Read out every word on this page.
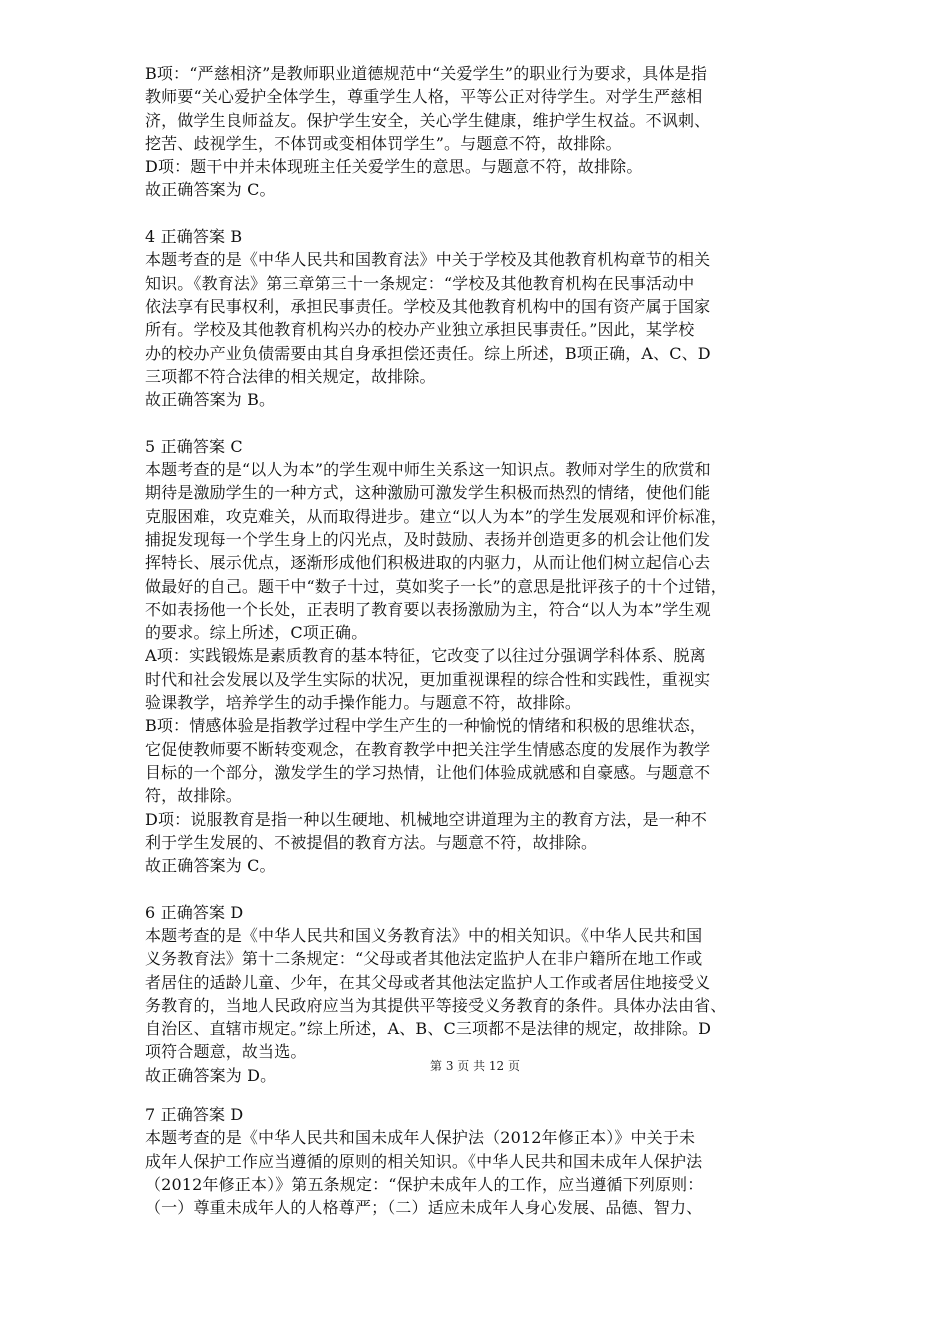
B项：“严慈相济”是教师职业道德规范中“关爱学生”的职业行为要求，具体是指
教师要“关心爱护全体学生，尊重学生人格，平等公正对待学生。对学生严慈相
济，做学生良师益友。保护学生安全，关心学生健康，维护学生权益。不讽刺、
挖苦、歧视学生，不体罚或变相体罚学生”。与题意不符，故排除。
D项：题干中并未体现班主任关爱学生的意思。与题意不符，故排除。
故正确答案为 C。
4 正确答案 B
本题考查的是《中华人民共和国教育法》中关于学校及其他教育机构章节的相关
知识。《教育法》第三章第三十一条规定：“学校及其他教育机构在民事活动中
依法享有民事权利，承担民事责任。学校及其他教育机构中的国有资产属于国家
所有。学校及其他教育机构兴办的校办产业独立承担民事责任。”因此，某学校
办的校办产业负债需要由其自身承担偿还责任。综上所述，B项正确，A、C、D
三项都不符合法律的相关规定，故排除。
故正确答案为 B。
5 正确答案 C
本题考查的是“以人为本”的学生观中师生关系这一知识点。教师对学生的欣赏和
期待是激励学生的一种方式，这种激励可激发学生积极而热烈的情绪，使他们能
克服困难，攻克难关，从而取得进步。建立“以人为本”的学生发展观和评价标准，
捕捉发现每一个学生身上的闪光点，及时鼓励、表扬并创造更多的机会让他们发
挥特长、展示优点，逐渐形成他们积极进取的内驱力，从而让他们树立起信心去
做最好的自己。题干中“数子十过，莫如奖子一长”的意思是批评孩子的十个过错，
不如表扬他一个长处，正表明了教育要以表扬激励为主，符合“以人为本”学生观
的要求。综上所述，C项正确。
A项：实践锻炼是素质教育的基本特征，它改变了以往过分强调学科体系、脱离
时代和社会发展以及学生实际的状况，更加重视课程的综合性和实践性，重视实
验课教学，培养学生的动手操作能力。与题意不符，故排除。
B项：情感体验是指教学过程中学生产生的一种愉悦的情绪和积极的思维状态，
它促使教师要不断转变观念，在教育教学中把关注学生情感态度的发展作为教学
目标的一个部分，激发学生的学习热情，让他们体验成就感和自豪感。与题意不
符，故排除。
D项：说服教育是指一种以生硬地、机械地空讲道理为主的教育方法，是一种不
利于学生发展的、不被提倡的教育方法。与题意不符，故排除。
故正确答案为 C。
6 正确答案 D
本题考查的是《中华人民共和国义务教育法》中的相关知识。《中华人民共和国
义务教育法》第十二条规定：“父母或者其他法定监护人在非户籍所在地工作或
者居住的适龄儿童、少年，在其父母或者其他法定监护人工作或者居住地接受义
务教育的，当地人民政府应当为其提供平等接受义务教育的条件。具体办法由省、
自治区、直辖市规定。”综上所述，A、B、C三项都不是法律的规定，故排除。D
项符合题意，故当选。
故正确答案为 D。	第 3 页 共 12 页
7 正确答案 D
本题考查的是《中华人民共和国未成年人保护法（2012年修正本）》中关于未
成年人保护工作应当遵循的原则的相关知识。《中华人民共和国未成年人保护法
（2012年修正本）》第五条规定：“保护未成年人的工作，应当遵循下列原则：
（一）尊重未成年人的人格尊严；（二）适应未成年人身心发展、品德、智力、
